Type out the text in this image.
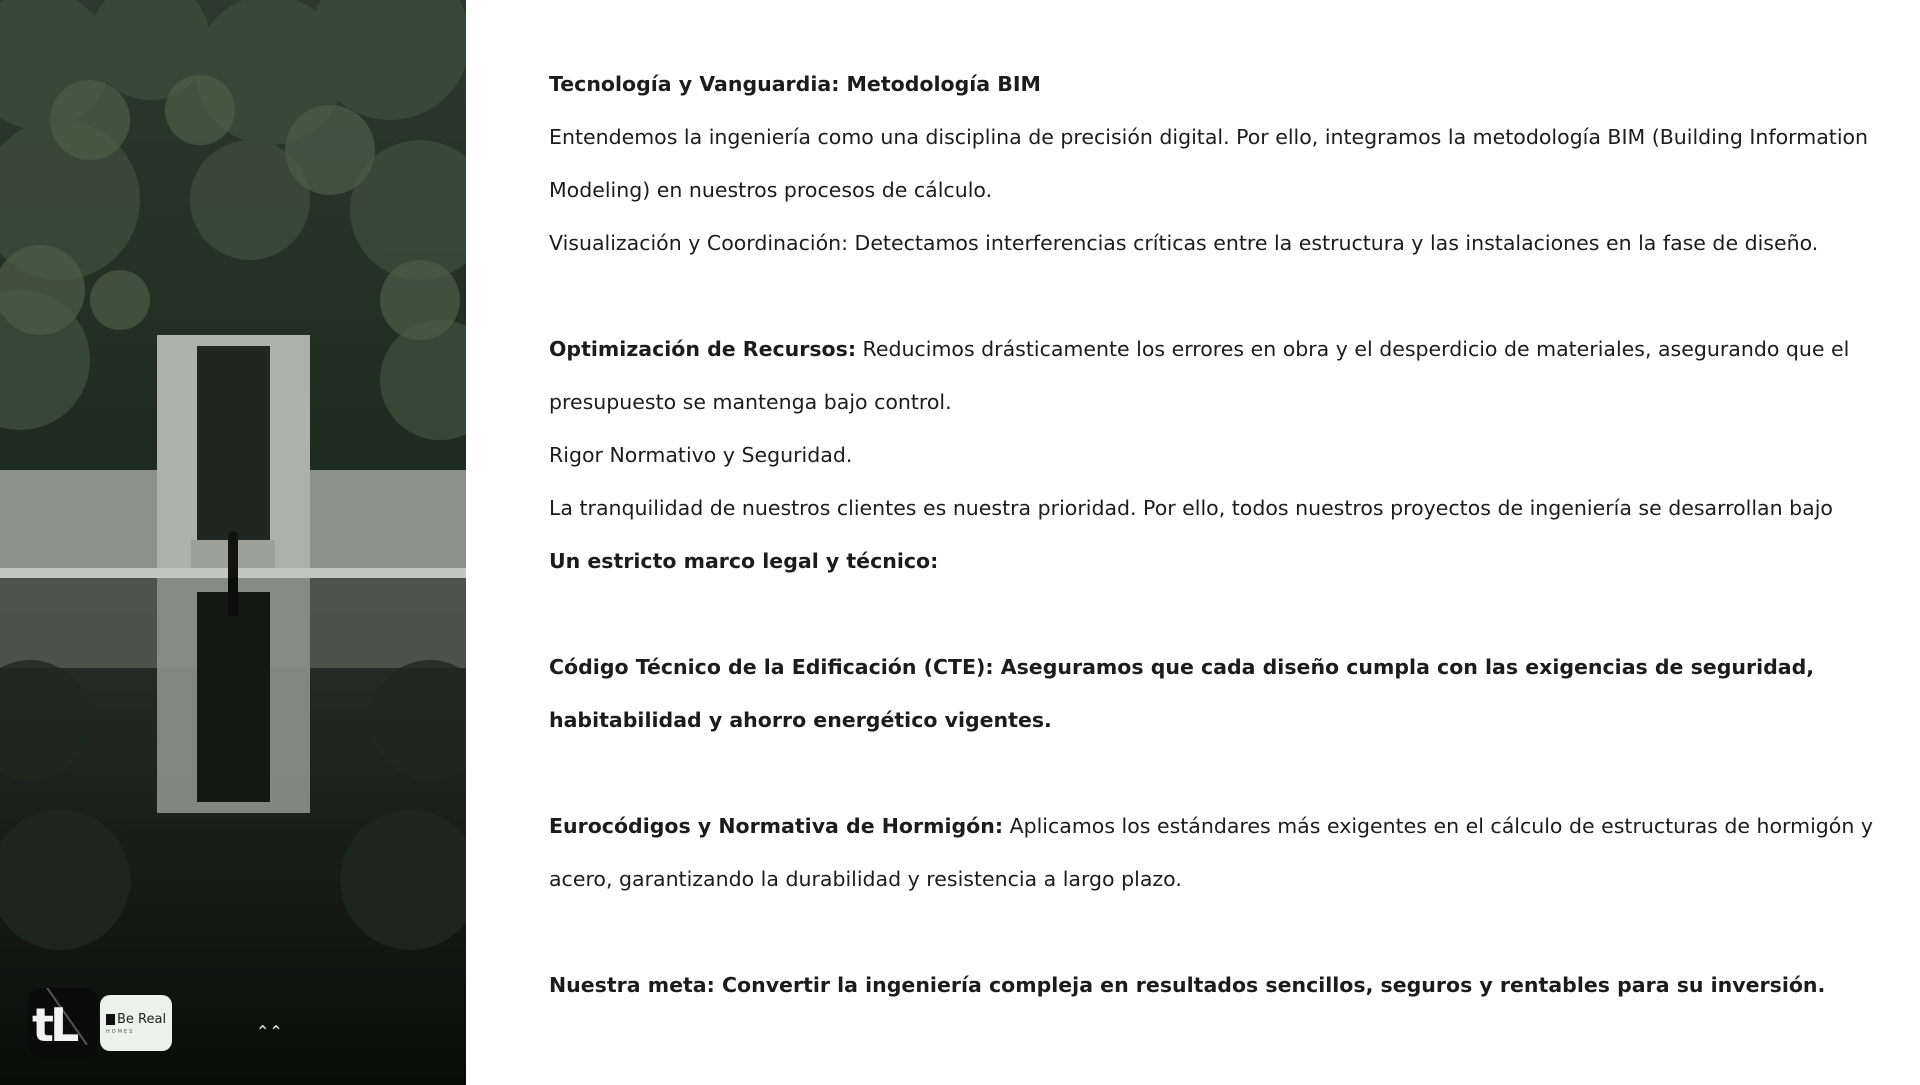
tL	Be Real
HOMES	⌃⌃

Tecnología y Vanguardia: Metodología BIM

Entendemos la ingeniería como una disciplina de precisión digital. Por ello, integramos la metodología BIM (Building Information Modeling) en nuestros procesos de cálculo.

Visualización y Coordinación: Detectamos interferencias críticas entre la estructura y las instalaciones en la fase de diseño.

Optimización de Recursos: Reducimos drásticamente los errores en obra y el desperdicio de materiales, asegurando que el presupuesto se mantenga bajo control.

Rigor Normativo y Seguridad.

La tranquilidad de nuestros clientes es nuestra prioridad. Por ello, todos nuestros proyectos de ingeniería se desarrollan bajo

Un estricto marco legal y técnico:

Código Técnico de la Edificación (CTE): Aseguramos que cada diseño cumpla con las exigencias de seguridad, habitabilidad y ahorro energético vigentes.

Eurocódigos y Normativa de Hormigón: Aplicamos los estándares más exigentes en el cálculo de estructuras de hormigón y acero, garantizando la durabilidad y resistencia a largo plazo.

Nuestra meta: Convertir la ingeniería compleja en resultados sencillos, seguros y rentables para su inversión.
